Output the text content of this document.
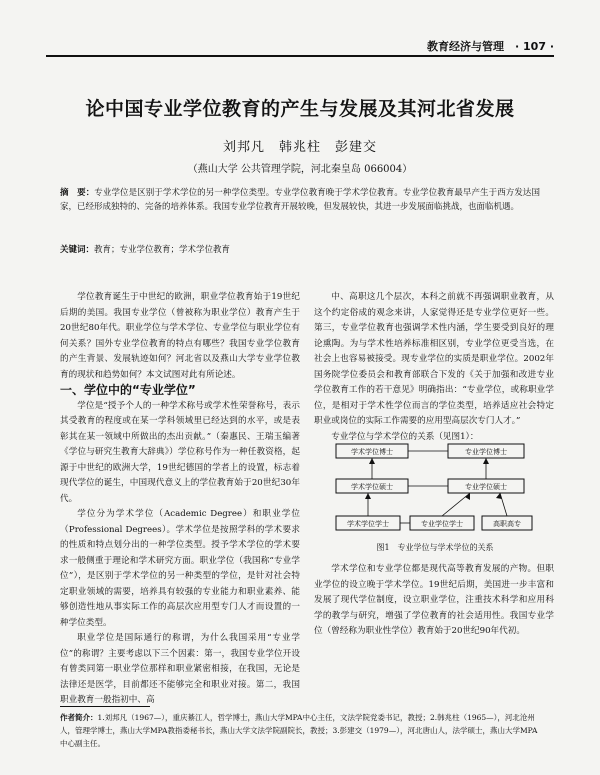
教育经济与管理　 · 107 ·
论中国专业学位教育的产生与发展及其河北省发展
刘邦凡　韩兆柱　彭建交
（燕山大学 公共管理学院，河北秦皇岛 066004）
摘　要：专业学位是区别于学术学位的另一种学位类型。专业学位教育晚于学术学位教育。专业学位教育最早产生于西方发达国家，已经形成独特的、完备的培养体系。我国专业学位教育开展较晚，但发展较快，其进一步发展面临挑战，也面临机遇。
关键词：教育；专业学位教育；学术学位教育

学位教育诞生于中世纪的欧洲，职业学位教育始于19世纪后期的美国。我国专业学位（曾被称为职业学位）教育产生于20世纪80年代。职业学位与学术学位、专业学位与职业学位有何关系？国外专业学位教育的特点有哪些？我国专业学位教育的产生背景、发展轨迹如何？河北省以及燕山大学专业学位教育的现状和趋势如何？本文试图对此有所论述。

一、学位中的“专业学位”

学位是“授予个人的一种学术称号或学术性荣誉称号，表示其受教育的程度或在某一学科领域里已经达到的水平，或是表彰其在某一领域中所做出的杰出贡献。”（秦惠民、王瑞玉编著《学位与研究生教育大辞典》）学位称号作为一种任教资格，起源于中世纪的欧洲大学，19世纪德国的学者上的设置，标志着现代学位的诞生，中国现代意义上的学位教育始于20世纪30年代。

学位分为学术学位（Academic Degree）和职业学位（Professional Degrees）。学术学位是按照学科的学术要求的性质和特点划分出的一种学位类型。授予学术学位的学术要求一般侧重于理论和学术研究方面。职业学位（我国称“专业学位”），是区别于学术学位的另一种类型的学位，是针对社会特定职业领域的需要，培养具有较强的专业能力和职业素养、能够创造性地从事实际工作的高层次应用型专门人才而设置的一种学位类型。

职业学位是国际通行的称谓，为什么我国采用“专业学位”的称谓？主要考虑以下三个因素：第一，我国专业学位开设有曾类同第一职业学位那样和职业紧密相接，在我国，无论是法律还是医学，目前都还不能够完全和职业对接。第二，我国职业教育一般指初中、高

中、高职这几个层次，本科之前就不再强调职业教育，从这个约定俗成的观念来讲，人家觉得还是专业学位更好一些。第三，专业学位教育也强调学术性内涵，学生要受到良好的理论熏陶。为与学术性培养标准相区别，专业学位更受当选，在社会上也容易被接受。现专业学位的实质是职业学位。2002年国务院学位委员会和教育部联合下发的《关于加强和改进专业学位教育工作的若干意见》明确指出：“专业学位，或称职业学位，是相对于学术性学位而言的学位类型，培养适应社会特定职业或岗位的实际工作需要的应用型高层次专门人才。”

专业学位与学术学位的关系（见图1）：

学术学位博士	专业学位博士
学术学位硕士	专业学位硕士
学术学位学士	专业学位学士	高职高专
图1　专业学位与学术学位的关系

学术学位和专业学位都是现代高等教育发展的产物。但职业学位的设立晚于学术学位。19世纪后期，美国进一步丰富和发展了现代学位制度，设立职业学位，注重技术科学和应用科学的教学与研究，增强了学位教育的社会适用性。我国专业学位（曾经称为职业性学位）教育始于20世纪90年代初。

作者简介：1.刘邦凡（1967—），重庆綦江人，哲学博士，燕山大学MPA中心主任，文法学院党委书记，教授；2.韩兆柱（1965—），河北沧州人，管理学博士，燕山大学MPA教指委秘书长，燕山大学文法学院副院长，教授；3.彭建交（1979—），河北唐山人，法学硕士，燕山大学MPA中心副主任。
